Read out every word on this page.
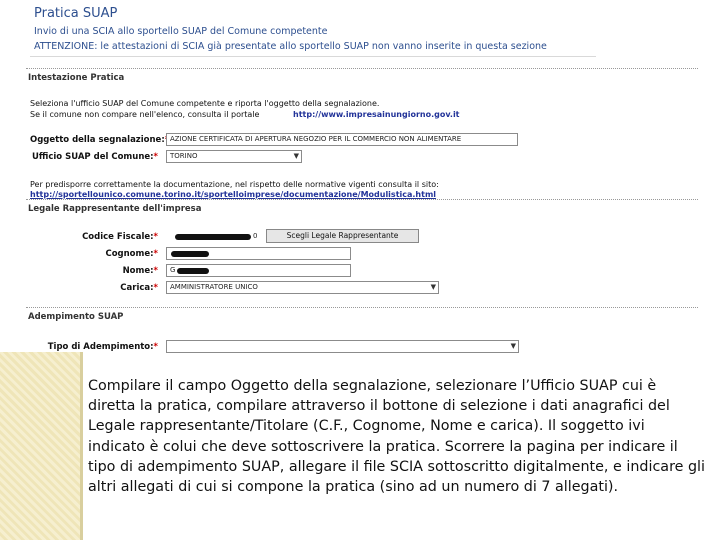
Pratica SUAP
Invio di una SCIA allo sportello SUAP del Comune competente
ATTENZIONE: le attestazioni di SCIA già presentate allo sportello SUAP non vanno inserite in questa sezione
Intestazione Pratica
Seleziona l'ufficio SUAP del Comune competente e riporta l'oggetto della segnalazione.
Se il comune non compare nell'elenco, consulta il portale	http://www.impresainungiorno.gov.it
Oggetto della segnalazione: AZIONE CERTIFICATA DI APERTURA NEGOZIO PER IL COMMERCIO NON ALIMENTARE
Ufficio SUAP del Comune:*	TORINO	▼
Per predisporre correttamente la documentazione, nel rispetto delle normative vigenti consulta il sito:
http://sportellounico.comune.torino.it/sportelloimprese/documentazione/Modulistica.html
Legale Rappresentante dell'impresa
Codice Fiscale:*	0	Scegli Legale Rappresentante
Cognome:*
Nome:*	G
Carica:*	AMMINISTRATORE UNICO	▼
Adempimento SUAP
Tipo di Adempimento:*	▼
Compilare il campo Oggetto della segnalazione, selezionare l’Ufficio SUAP cui è diretta la pratica, compilare attraverso il bottone di selezione i dati anagrafici del Legale rappresentante/Titolare (C.F., Cognome, Nome e carica). Il soggetto ivi indicato è colui che deve sottoscrivere la pratica. Scorrere la pagina per indicare il tipo di adempimento SUAP, allegare il file SCIA sottoscritto digitalmente, e indicare gli altri allegati di cui si compone la pratica (sino ad un numero di 7 allegati).
